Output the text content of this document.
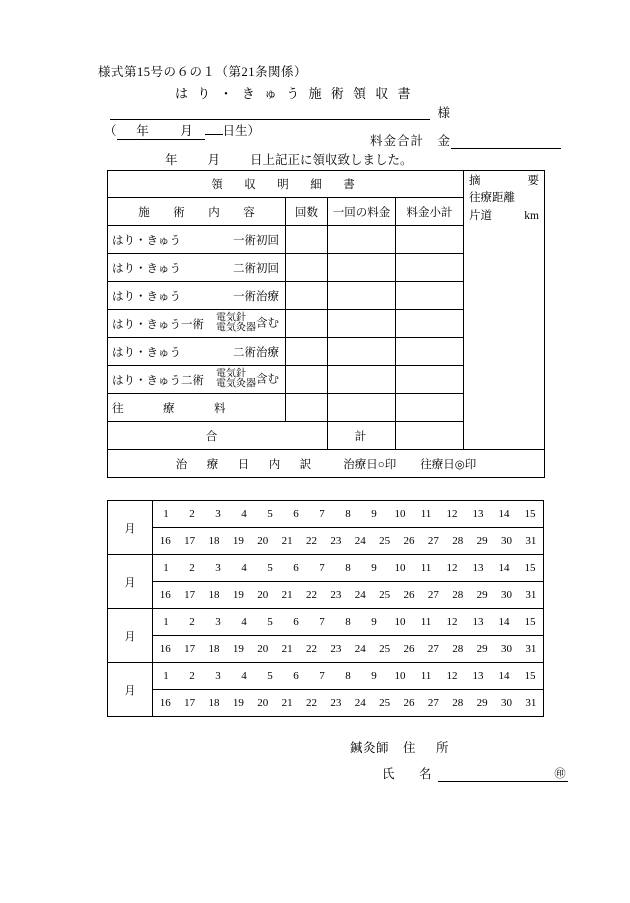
様式第15号の６の１（第21条関係）
は り ・ き ゅ う 施 術 領 収 書
様
（ 年	月 日生）
料金合計　金
年 月 日上記正に領収致しました。
領　収　明　細　書				摘 要
往療距離
片道 km

施　術　内　容	回数	一回の料金	料金小計	
はり・きゅう 一術初回				

はり・きゅう 二術初回				

はり・きゅう 一術治療				

はり・きゅう一術
電気針
電気灸器 含む				

はり・きゅう 二術治療				

はり・きゅう二術
電気針
電気灸器 含む				

往　療　料				
合		計		
治　療　日　内　訳 治療日○印 往療日◎印				
月	
1	2	3	4	5	6	7	8	9	10	11	12	13	14	15

16	17	18	19	20	21	22	23	24	25	26	27	28	29	30	31

月	
1	2	3	4	5	6	7	8	9	10	11	12	13	14	15

16	17	18	19	20	21	22	23	24	25	26	27	28	29	30	31

月	
1	2	3	4	5	6	7	8	9	10	11	12	13	14	15

16	17	18	19	20	21	22	23	24	25	26	27	28	29	30	31

月	
1	2	3	4	5	6	7	8	9	10	11	12	13	14	15

16	17	18	19	20	21	22	23	24	25	26	27	28	29	30	31
鍼灸師 住　所
氏　名	㊞
